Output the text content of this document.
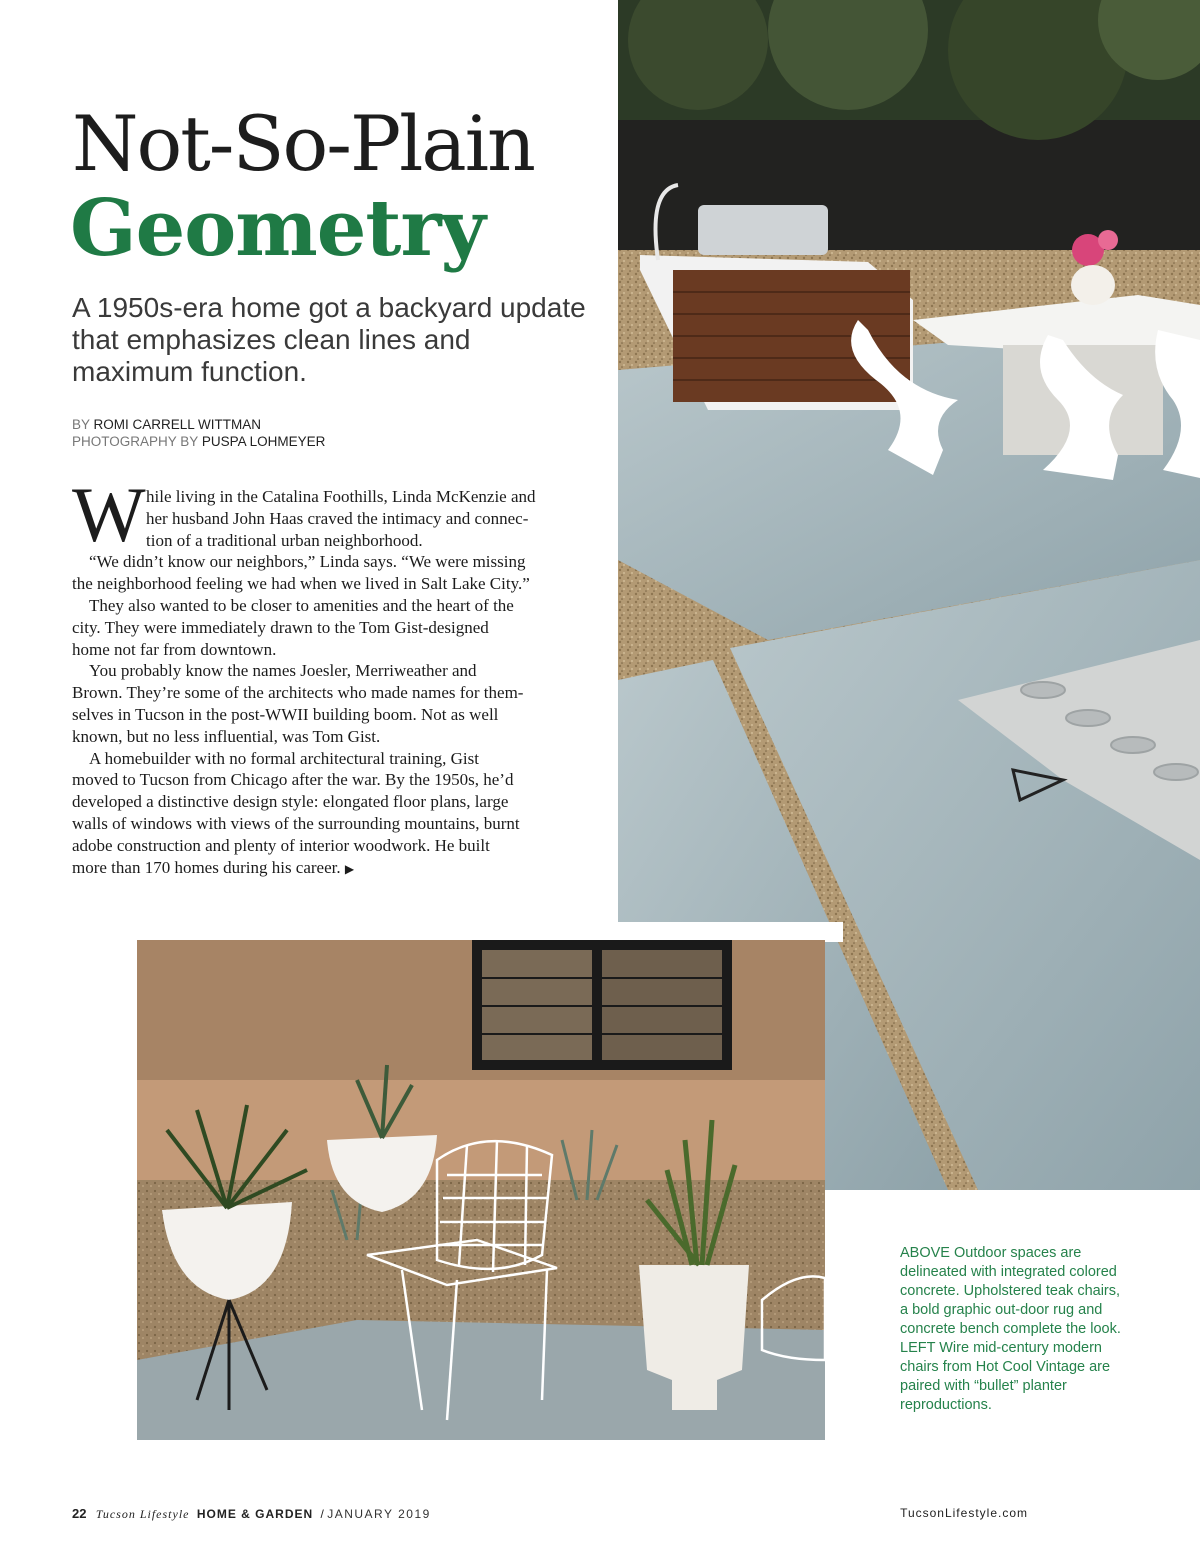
Not-So-Plain
Geometry
A 1950s-era home got a backyard update that emphasizes clean lines and maximum function.
BY ROMI CARRELL WITTMAN
PHOTOGRAPHY BY PUSPA LOHMEYER
W hile living in the Catalina Foothills, Linda McKenzie and

her husband John Haas craved the intimacy and connec-

tion of a traditional urban neighborhood.

“We didn’t know our neighbors,” Linda says. “We were missing

the neighborhood feeling we had when we lived in Salt Lake City.”

They also wanted to be closer to amenities and the heart of the

city. They were immediately drawn to the Tom Gist-designed

home not far from downtown.

You probably know the names Joesler, Merriweather and

Brown. They’re some of the architects who made names for them-

selves in Tucson in the post-WWII building boom. Not as well

known, but no less influential, was Tom Gist.

A homebuilder with no formal architectural training, Gist

moved to Tucson from Chicago after the war. By the 1950s, he’d

developed a distinctive design style: elongated floor plans, large

walls of windows with views of the surrounding mountains, burnt

adobe construction and plenty of interior woodwork. He built

more than 170 homes during his career. ▶

ABOVE Outdoor spaces are delineated with integrated colored concrete. Upholstered teak chairs, a bold graphic out-door rug and concrete bench complete the look.

LEFT Wire mid-century modern chairs from Hot Cool Vintage are paired with “bullet” planter reproductions.

22 Tucson Lifestyle HOME & GARDEN / JANUARY 2019	TucsonLifestyle.com
